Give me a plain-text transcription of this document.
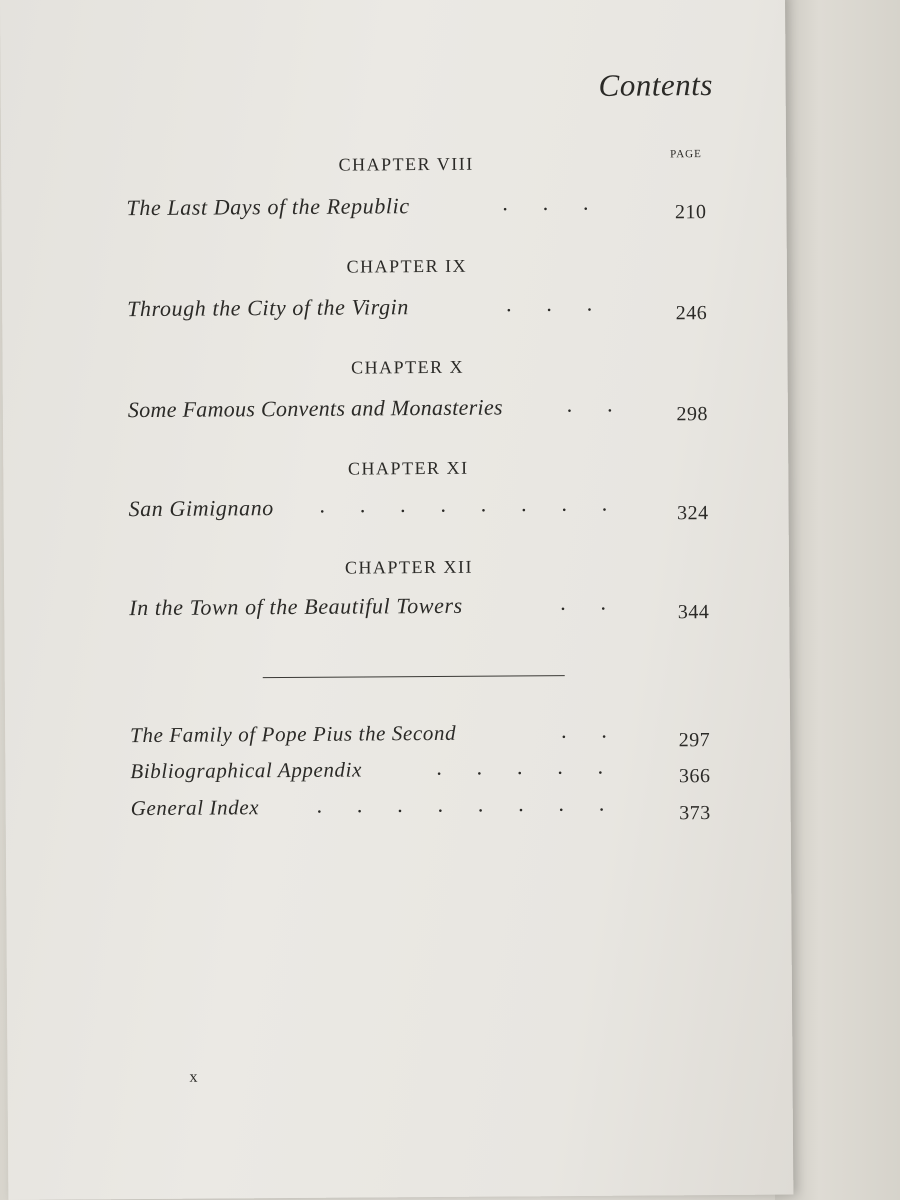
Contents
PAGE
CHAPTER VIII
The Last Days of the Republic	·      ·      ·	210
CHAPTER IX
Through the City of the Virgin	·      ·      ·	246
CHAPTER X
Some Famous Convents and Monasteries	·      ·	298
CHAPTER XI
San Gimignano ·      ·      ·      ·      ·      ·      ·      ·	324
CHAPTER XII
In the Town of the Beautiful Towers	·      ·	344
The Family of Pope Pius the Second	·      ·	297
Bibliographical Appendix	·      ·      ·      ·      ·	366
General Index	·      ·      ·      ·      ·      ·      ·      ·	373
x
